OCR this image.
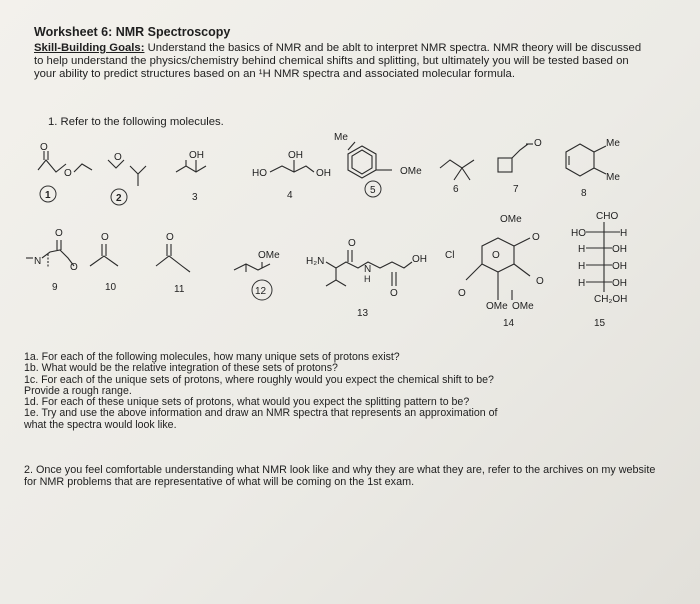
Worksheet 6: NMR Spectroscopy
Skill-Building Goals: Understand the basics of NMR and be ablt to interpret NMR spectra. NMR theory will be discussed to help understand the physics/chemistry behind chemical shifts and splitting, but ultimately you will be tested based on your ability to predict structures based on an ¹H NMR spectra and associated molecular formula.
1. Refer to the following molecules.
O
O
1
O
2
OH
3
HO
OH
OH
4
Me
OMe
5	6
O
7
Me
Me
8
O
N
O
9
O
10
O
11
OMe
12
H₂N
O
N
H
OH
O
13
OMe
O
Cl	O
O
O
OMe OMe
14
CHO
HO	H
H	OH
H	OH
H	OH
CH₂OH
15
1a. For each of the following molecules, how many unique sets of protons exist?
1b. What would be the relative integration of these sets of protons?
1c. For each of the unique sets of protons, where roughly would you expect the chemical shift to be?
Provide a rough range.
1d. For each of these unique sets of protons, what would you expect the splitting pattern to be?
1e. Try and use the above information and draw an NMR spectra that represents an approximation of
what the spectra would look like.
2. Once you feel comfortable understanding what NMR look like and why they are what they are, refer to the archives on my website for NMR problems that are representative of what will be coming on the 1st exam.
